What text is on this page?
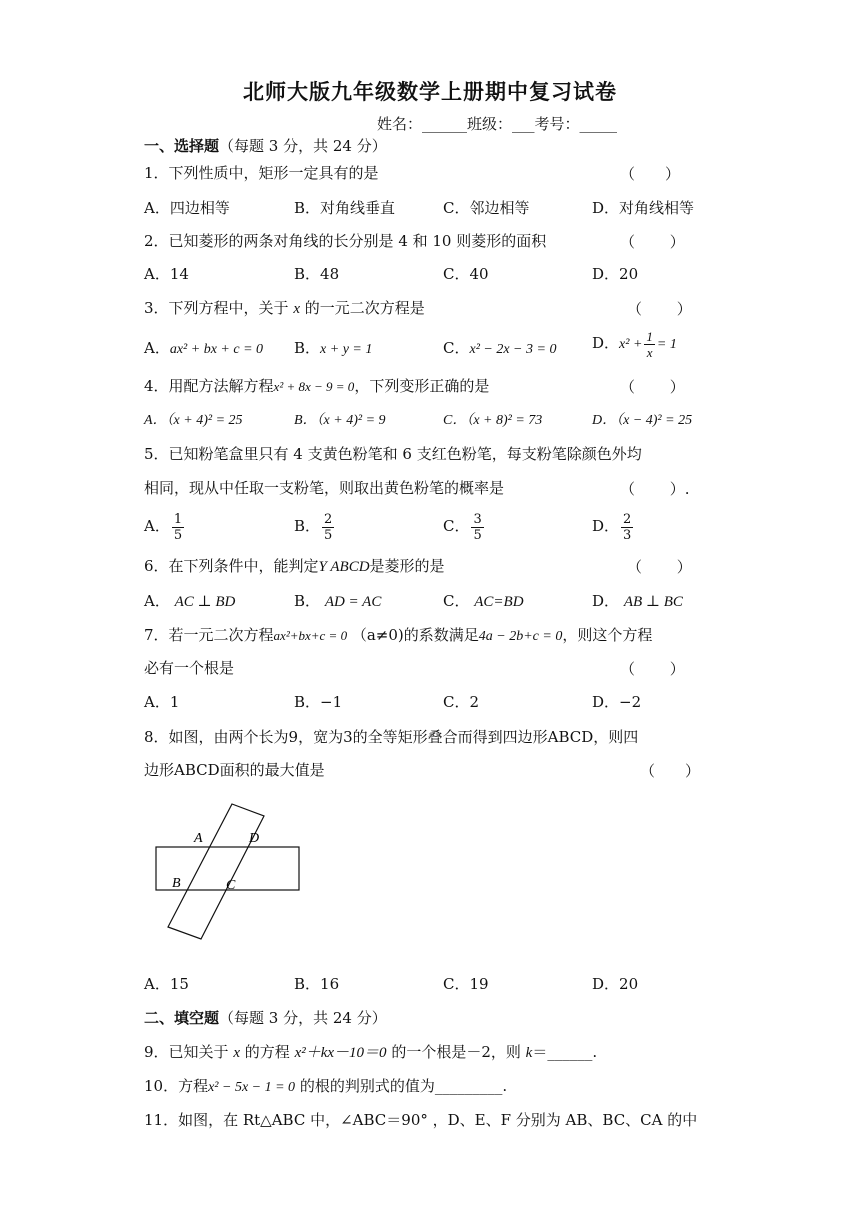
北师大版九年级数学上册期中复习试卷
姓名：______班级：___考号：_____
一、选择题（每题 3 分，共 24 分）
1．下列性质中，矩形一定具有的是	（　　）
A．四边相等	B．对角线垂直	C．邻边相等	D．对角线相等
2．已知菱形的两条对角线的长分别是 4 和 10 则菱形的面积	（　　 ）
A．14	B．48	C．40	D．20
3．下列方程中，关于 x 的一元二次方程是	（　　 ）
A．ax² + bx + c = 0 B．x + y = 1	C．x² − 2x − 3 = 0 D．$x^2 + \frac{1}{x} = 1$
4．用配方法解方程x² + 8x − 9 = 0，下列变形正确的是	（　　 ）
A．（x + 4)² = 25	B．（x + 4)² = 9	C．（x + 8)² = 73	D．（x − 4)² = 25
5．已知粉笔盒里只有 4 支黄色粉笔和 6 支红色粉笔，每支粉笔除颜色外均
相同，现从中任取一支粉笔，则取出黄色粉笔的概率是	（　　 ）.
A． $\frac{1}{5}$	B． $\frac{2}{5}$	C． $\frac{3}{5}$	D． $\frac{2}{3}$
6．在下列条件中，能判定Y ABCD是菱形的是	（　　 ）
A． AC ⊥ BD	B． AD = AC	C． AC=BD	D． AB ⊥ BC
7．若一元二次方程ax²+bx+c = 0 （a≠0)的系数满足4a − 2b+c = 0，则这个方程
必有一个根是	（　　 ）
A．1	B．−1	C．2	D．−2
8．如图，由两个长为9，宽为3的全等矩形叠合而得到四边形ABCD，则四
边形ABCD面积的最大值是	（　　）
A	D
B	C
A．15	B．16	C．19	D．20
二、填空题（每题 3 分，共 24 分）
9．已知关于 x 的方程 x²＋kx－10＝0 的一个根是－2，则 k＝______.
10．方程x² − 5x − 1 = 0 的根的判别式的值为_________.
11．如图，在 Rt△ABC 中，∠ABC＝90° ，D、E、F 分别为 AB、BC、CA 的中
